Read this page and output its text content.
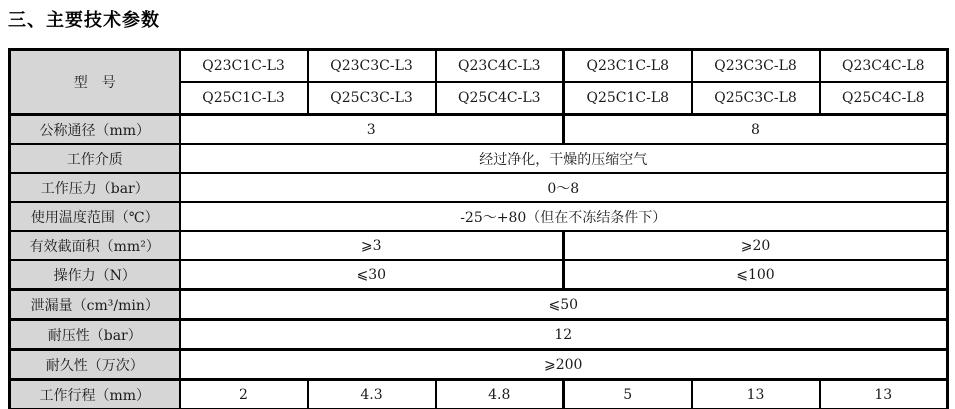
三、主要技术参数
型　号	Q23C1C-L3	Q23C3C-L3	Q23C4C-L3	Q23C1C-L8	Q23C3C-L8	Q23C4C-L8
	Q25C1C-L3	Q25C3C-L3	Q25C4C-L3	Q25C1C-L8	Q25C3C-L8	Q25C4C-L8
公称通径（mm）	3			8		
工作介质	经过净化，干燥的压缩空气					
工作压力（bar）	0～8					
使用温度范围（℃）	-25～+80（但在不冻结条件下）					
有效截面积（mm²）	⩾3			⩾20		
操作力（N）	⩽30			⩽100		
泄漏量（cm³/min）	⩽50					
耐压性（bar）	12					
耐久性（万次）	⩾200					
工作行程（mm）	2	4.3	4.8	5	13	13
